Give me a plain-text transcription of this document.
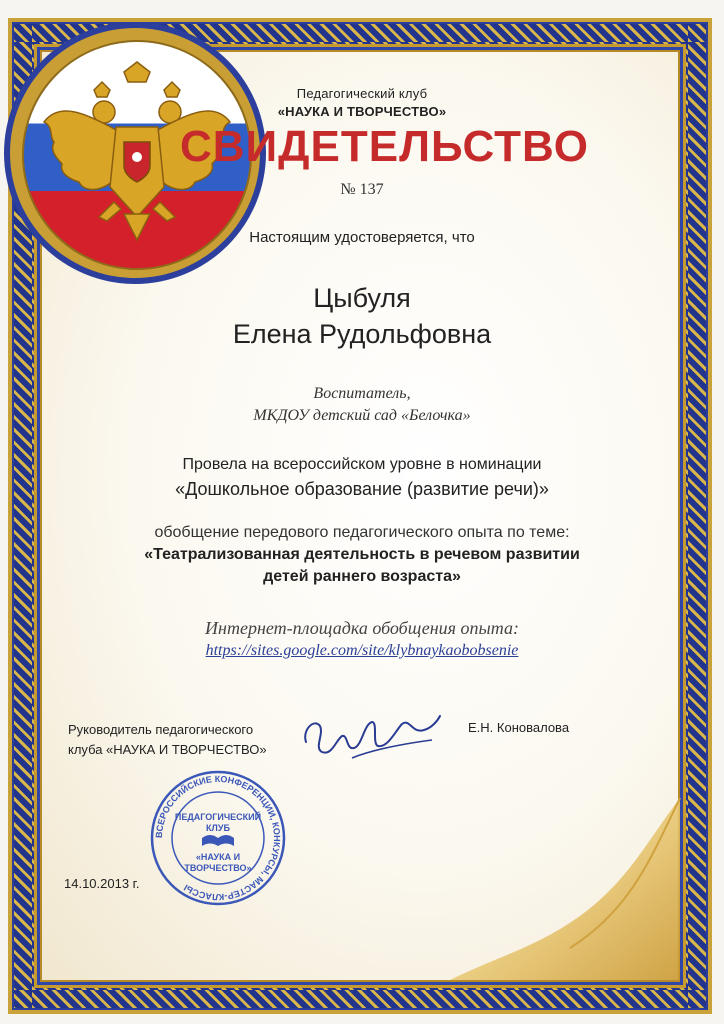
Педагогический клуб
«НАУКА И ТВОРЧЕСТВО»
СВИДЕТЕЛЬСТВО
№ 137
Настоящим удостоверяется, что
Цыбуля
Елена Рудольфовна
Воспитатель,
МКДОУ детский сад «Белочка»
Провела на всероссийском уровне в номинации
«Дошкольное образование (развитие речи)»
обобщение передового педагогического опыта по теме:
«Театрализованная деятельность в речевом развитии
детей раннего возраста»
Интернет-площадка обобщения опыта:
https://sites.google.com/site/klybnaykaobobsenie
Руководитель педагогического
клуба «НАУКА И ТВОРЧЕСТВО»
Е.Н. Коновалова
ВСЕРОССИЙСКИЕ КОНФЕРЕНЦИИ, КОНКУРСЫ, МАСТЕР-КЛАССЫ
ПЕДАГОГИЧЕСКИЙ
КЛУБ
«НАУКА И
ТВОРЧЕСТВО»
14.10.2013 г.
